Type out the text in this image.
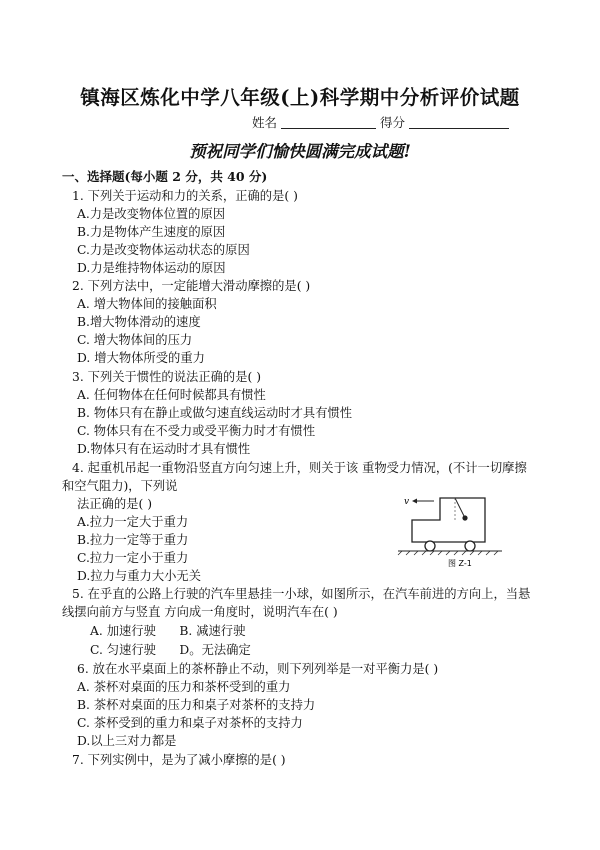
镇海区炼化中学八年级(上)科学期中分析评价试题
姓名	得分
预祝同学们愉快圆满完成试题!
一、选择题(每小题 2 分，共 40 分)
1. 下列关于运动和力的关系，正确的是( )
A.力是改变物体位置的原因
B.力是物体产生速度的原因
C.力是改变物体运动状态的原因
D.力是维持物体运动的原因
2. 下列方法中，一定能增大滑动摩擦的是( )
A. 增大物体间的接触面积
B.增大物体滑动的速度
C. 增大物体间的压力
D. 增大物体所受的重力
3. 下列关于惯性的说法正确的是( )
A. 任何物体在任何时候都具有惯性
B. 物体只有在静止或做匀速直线运动时才具有惯性
C. 物体只有在不受力或受平衡力时才有惯性
D.物体只有在运动时才具有惯性
4. 起重机吊起一重物沿竖直方向匀速上升，则关于该 重物受力情况，(不计一切摩擦
和空气阻力)，下列说
法正确的是( )
A.拉力一定大于重力
B.拉力一定等于重力
C.拉力一定小于重力
D.拉力与重力大小无关
v
图 Z-1
5. 在乎直的公路上行驶的汽车里悬挂一小球，如图所示，在汽车前进的方向上，当悬
线摆向前方与竖直 方向成一角度时，说明汽车在( )
A. 加速行驶      B. 减速行驶
C. 匀速行驶      D。无法确定
6. 放在水平桌面上的茶杯静止不动，则下列列举是一对平衡力是( )
A. 茶杯对桌面的压力和茶杯受到的重力
B. 茶杯对桌面的压力和桌子对茶杯的支持力
C. 茶杯受到的重力和桌子对茶杯的支持力
D.以上三对力都是
7. 下列实例中，是为了减小摩擦的是( )
